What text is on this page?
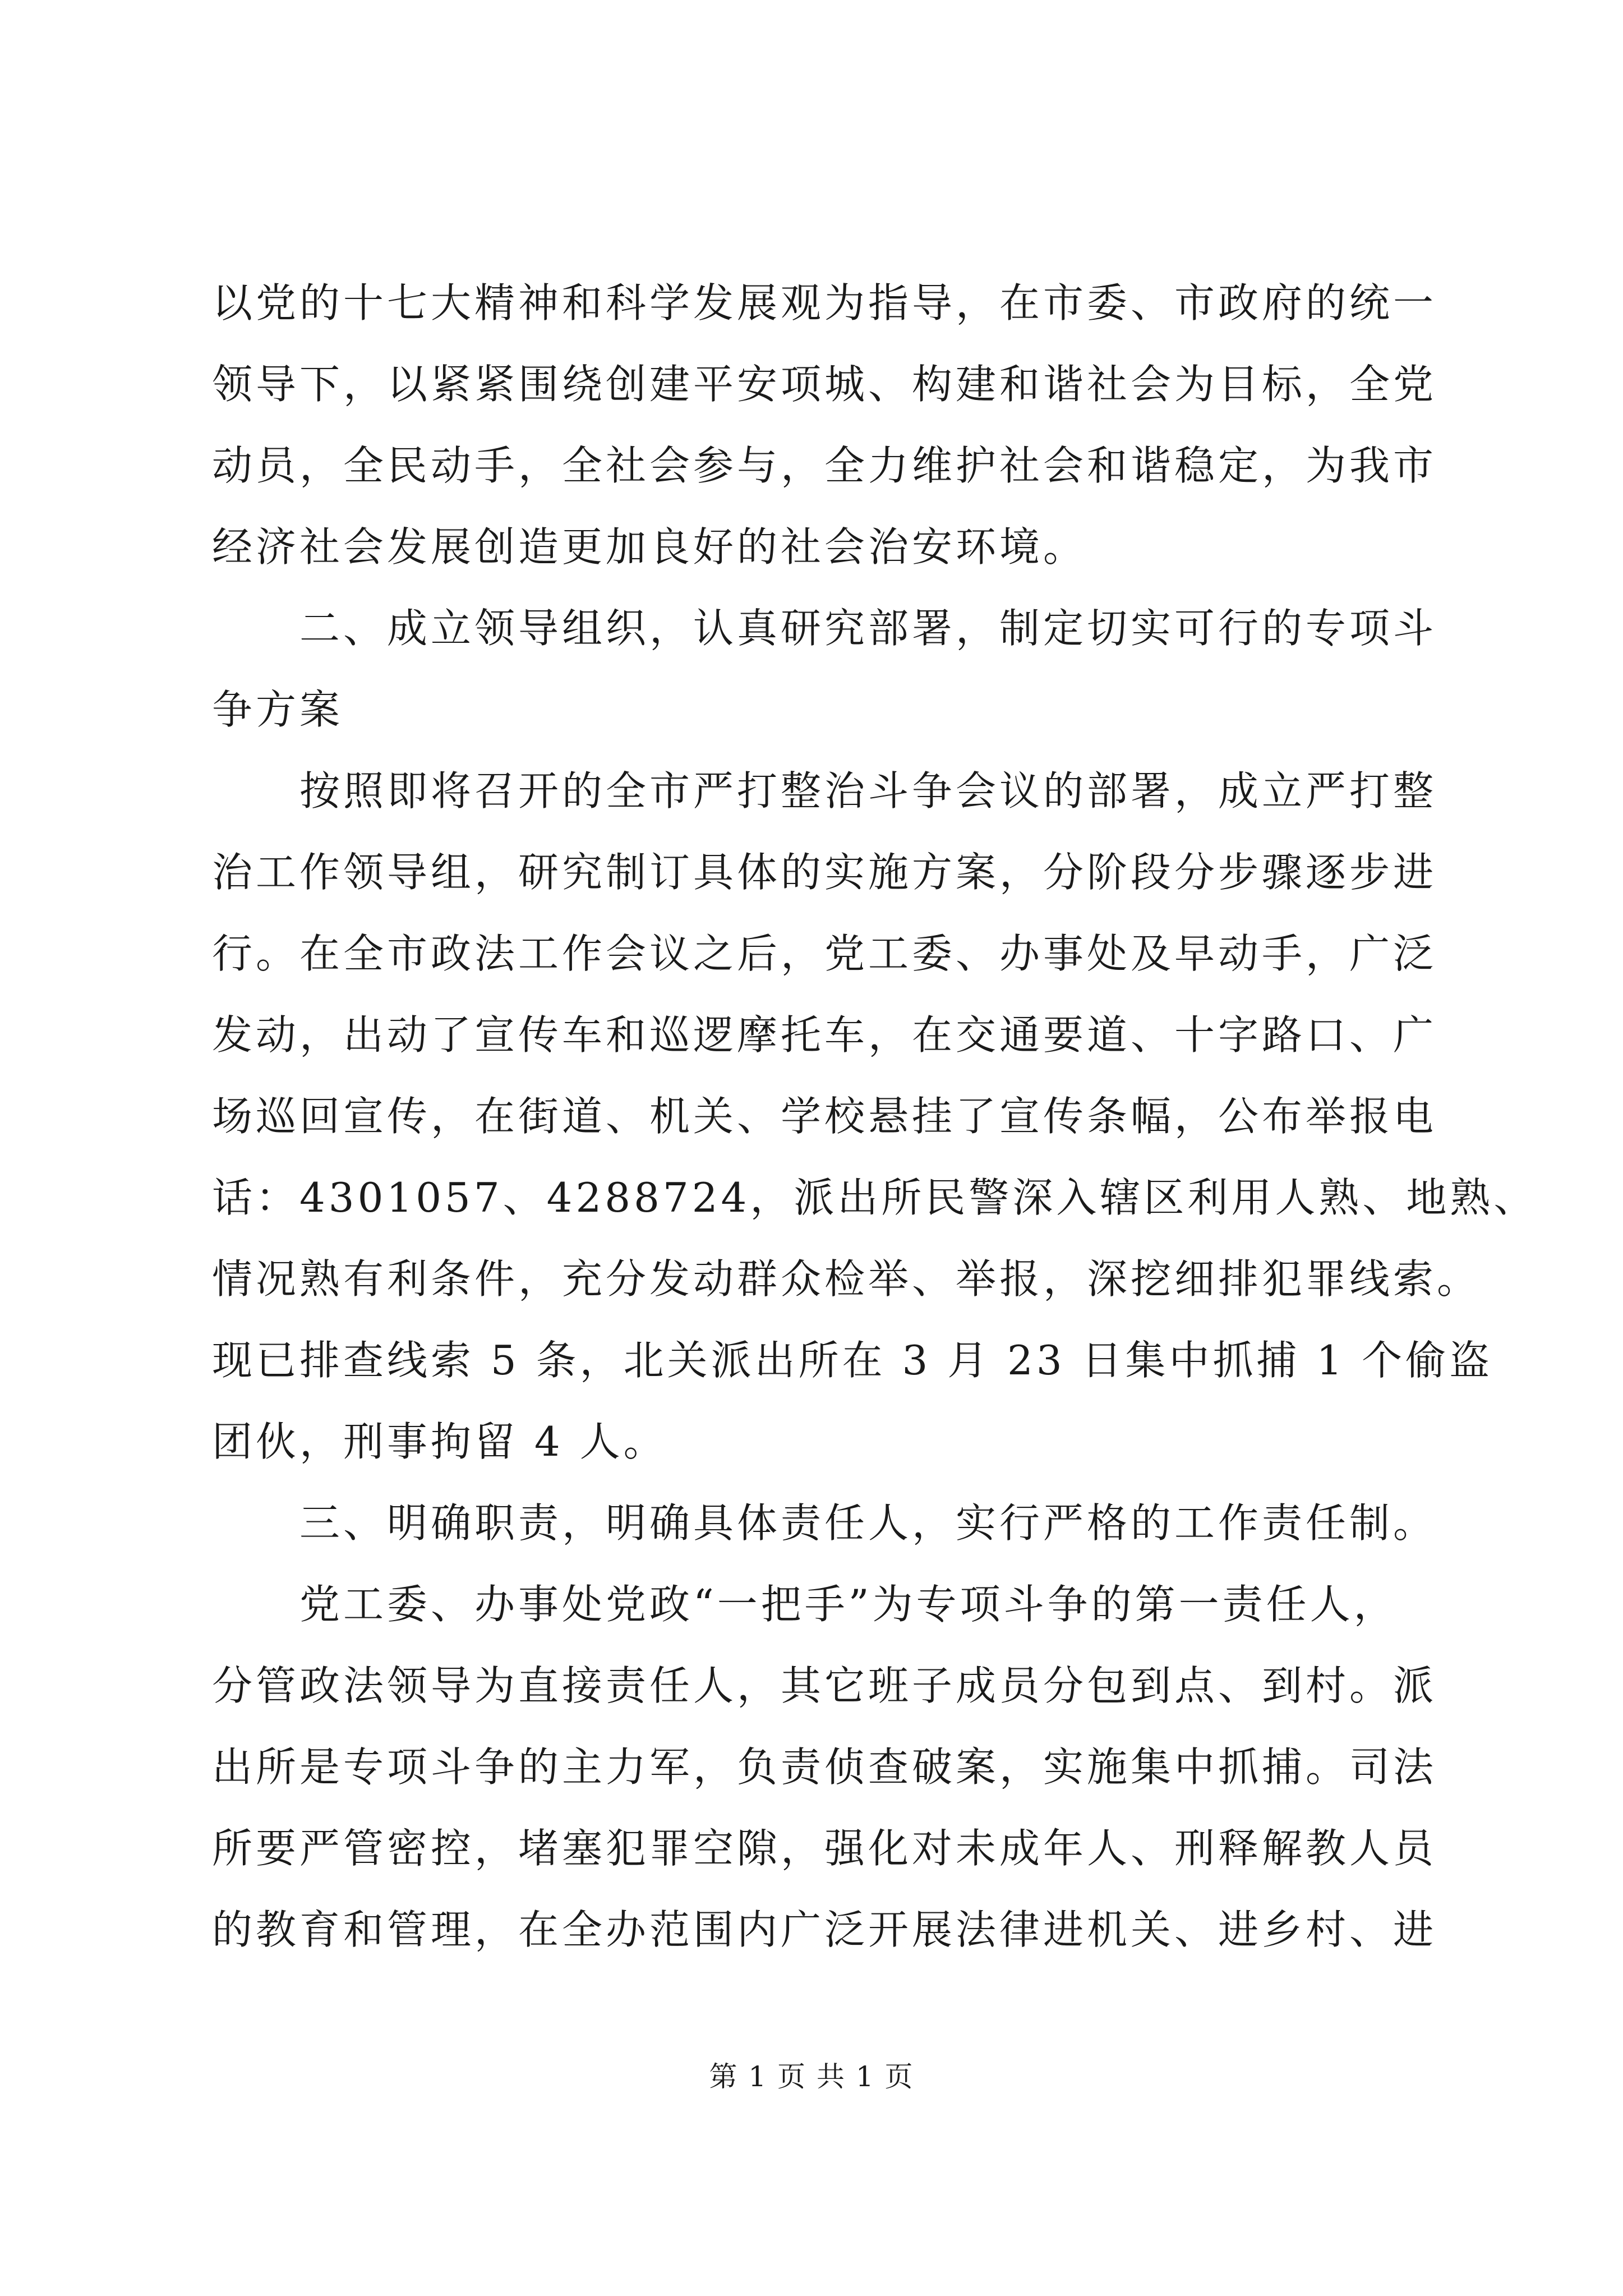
以党的十七大精神和科学发展观为指导，在市委、市政府的统一
领导下，以紧紧围绕创建平安项城、构建和谐社会为目标，全党
动员，全民动手，全社会参与，全力维护社会和谐稳定，为我市
经济社会发展创造更加良好的社会治安环境。
二、成立领导组织，认真研究部署，制定切实可行的专项斗
争方案
按照即将召开的全市严打整治斗争会议的部署，成立严打整
治工作领导组，研究制订具体的实施方案，分阶段分步骤逐步进
行。在全市政法工作会议之后，党工委、办事处及早动手，广泛
发动，出动了宣传车和巡逻摩托车，在交通要道、十字路口、广
场巡回宣传，在街道、机关、学校悬挂了宣传条幅，公布举报电
话：4301057、4288724，派出所民警深入辖区利用人熟、地熟、
情况熟有利条件，充分发动群众检举、举报，深挖细排犯罪线索。
现已排查线索 5 条，北关派出所在 3 月 23 日集中抓捕 1 个偷盗
团伙，刑事拘留 4 人。
三、明确职责，明确具体责任人，实行严格的工作责任制。
党工委、办事处党政“一把手”为专项斗争的第一责任人，
分管政法领导为直接责任人，其它班子成员分包到点、到村。派
出所是专项斗争的主力军，负责侦查破案，实施集中抓捕。司法
所要严管密控，堵塞犯罪空隙，强化对未成年人、刑释解教人员
的教育和管理，在全办范围内广泛开展法律进机关、进乡村、进
第 1 页 共 1 页
